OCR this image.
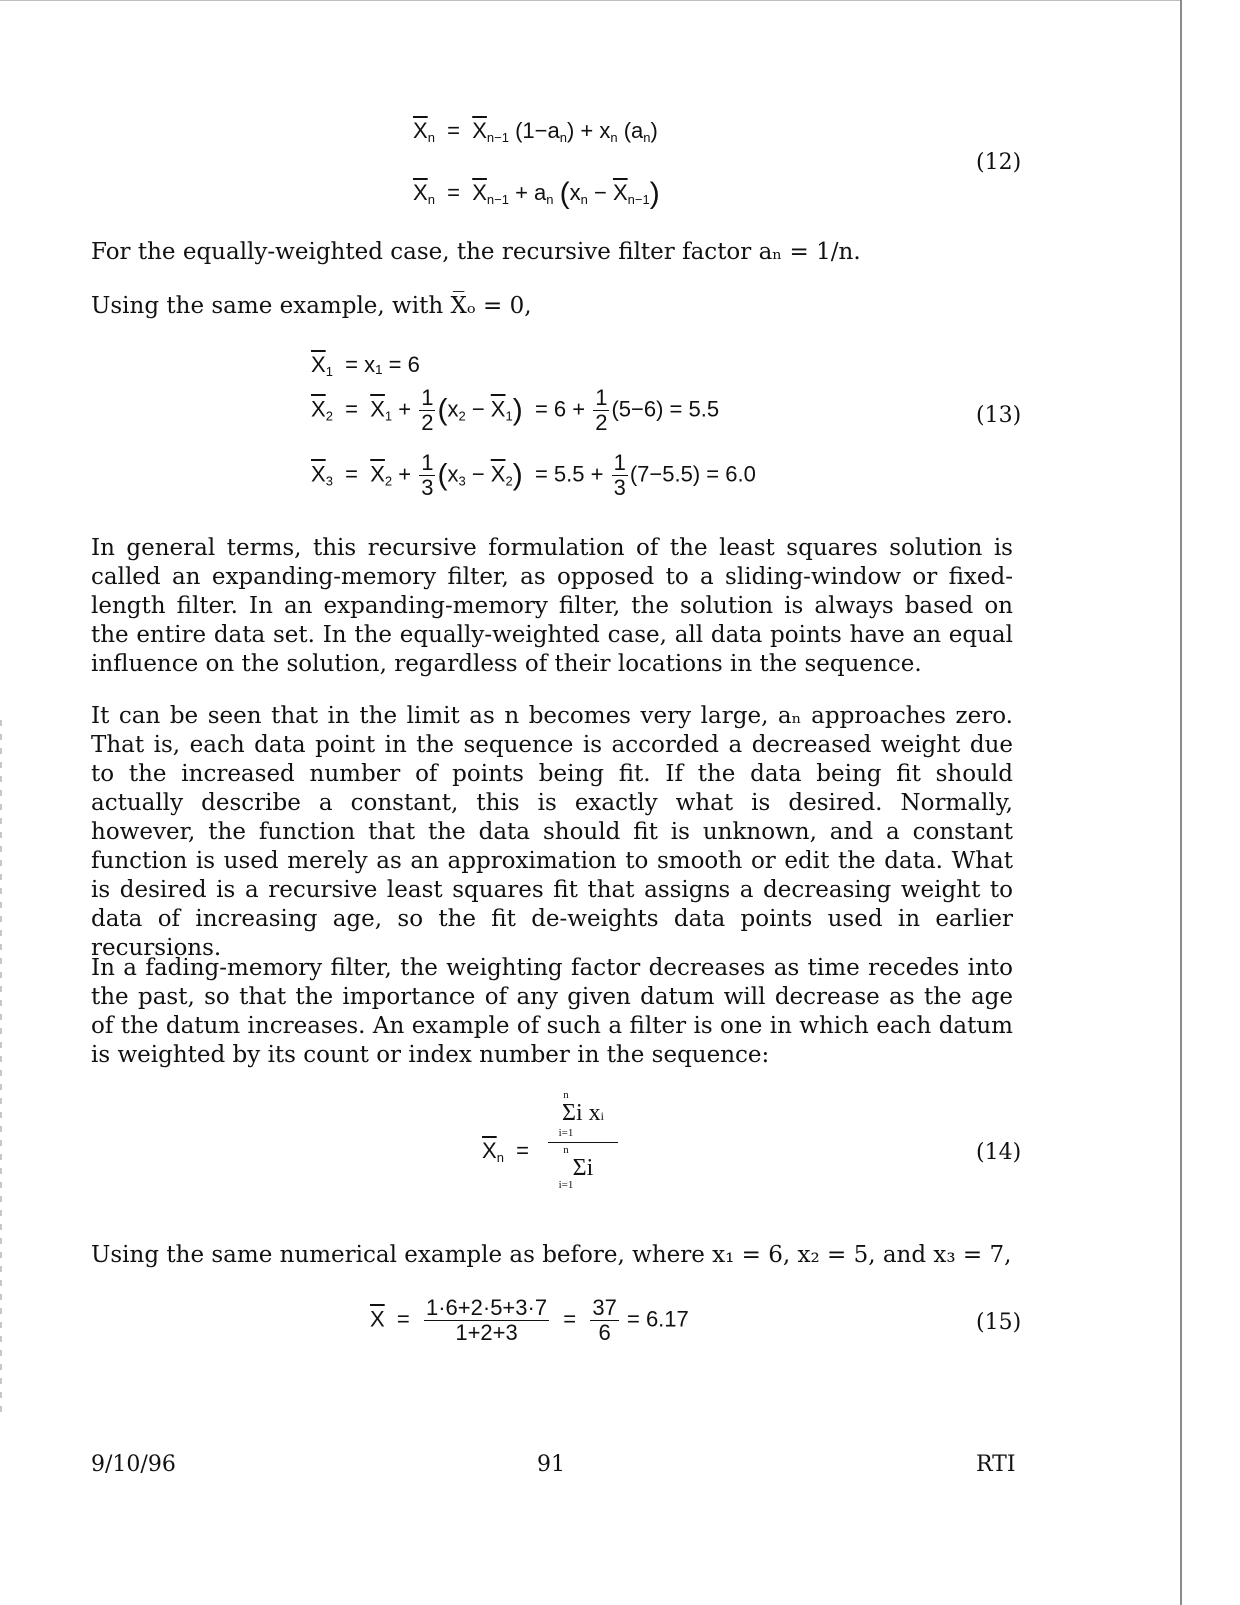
$\overline{X}_n = \overline{X}_{n-1}$ $(1-a_n) + x_n$ $(a_n)$
$\overline{X}_n = \overline{X}_{n-1} + a_n$ $(x_n - \overline{X}_{n-1})$
(12)
For the equally-weighted case, the recursive filter factor aₙ = 1/n.
Using the same example, with X̅ₒ = 0,
$\overline{X}_1 = x_1 = 6$
$\overline{X}_2 = \overline{X}_1 + \frac{1}{2} (x_2 - \overline{X}_1) = 6 + \frac{1}{2} (5-6) = 5.5$
$\overline{X}_3 = \overline{X}_2 + \frac{1}{3} (x_3 - \overline{X}_2) = 5.5 + \frac{1}{3} (7-5.5) = 6.0$
(13)
In general terms, this recursive formulation of the least squares solution is called an expanding-memory filter, as opposed to a sliding-window or fixed-length filter. In an expanding-memory filter, the solution is always based on the entire data set. In the equally-weighted case, all data points have an equal influence on the solution, regardless of their locations in the sequence.
It can be seen that in the limit as n becomes very large, aₙ approaches zero. That is, each data point in the sequence is accorded a decreased weight due to the increased number of points being fit. If the data being fit should actually describe a constant, this is exactly what is desired. Normally, however, the function that the data should fit is unknown, and a constant function is used merely as an approximation to smooth or edit the data. What is desired is a recursive least squares fit that assigns a decreasing weight to data of increasing age, so the fit de-weights data points used in earlier recursions.
In a fading-memory filter, the weighting factor decreases as time recedes into the past, so that the importance of any given datum will decrease as the age of the datum increases. An example of such a filter is one in which each datum is weighted by its count or index number in the sequence:
$\overline{X}_n$  =
n
Σi xi
i=1
n
Σi
i=1
(14)
Using the same numerical example as before, where x₁ = 6, x₂ = 5, and x₃ = 7,
$\overline{X} = \frac{1\cdot 6+2\cdot 5+3\cdot 7}{1+2+3} = \frac{37}{6} = 6.17$	(15)
9/10/96	91	RTI
